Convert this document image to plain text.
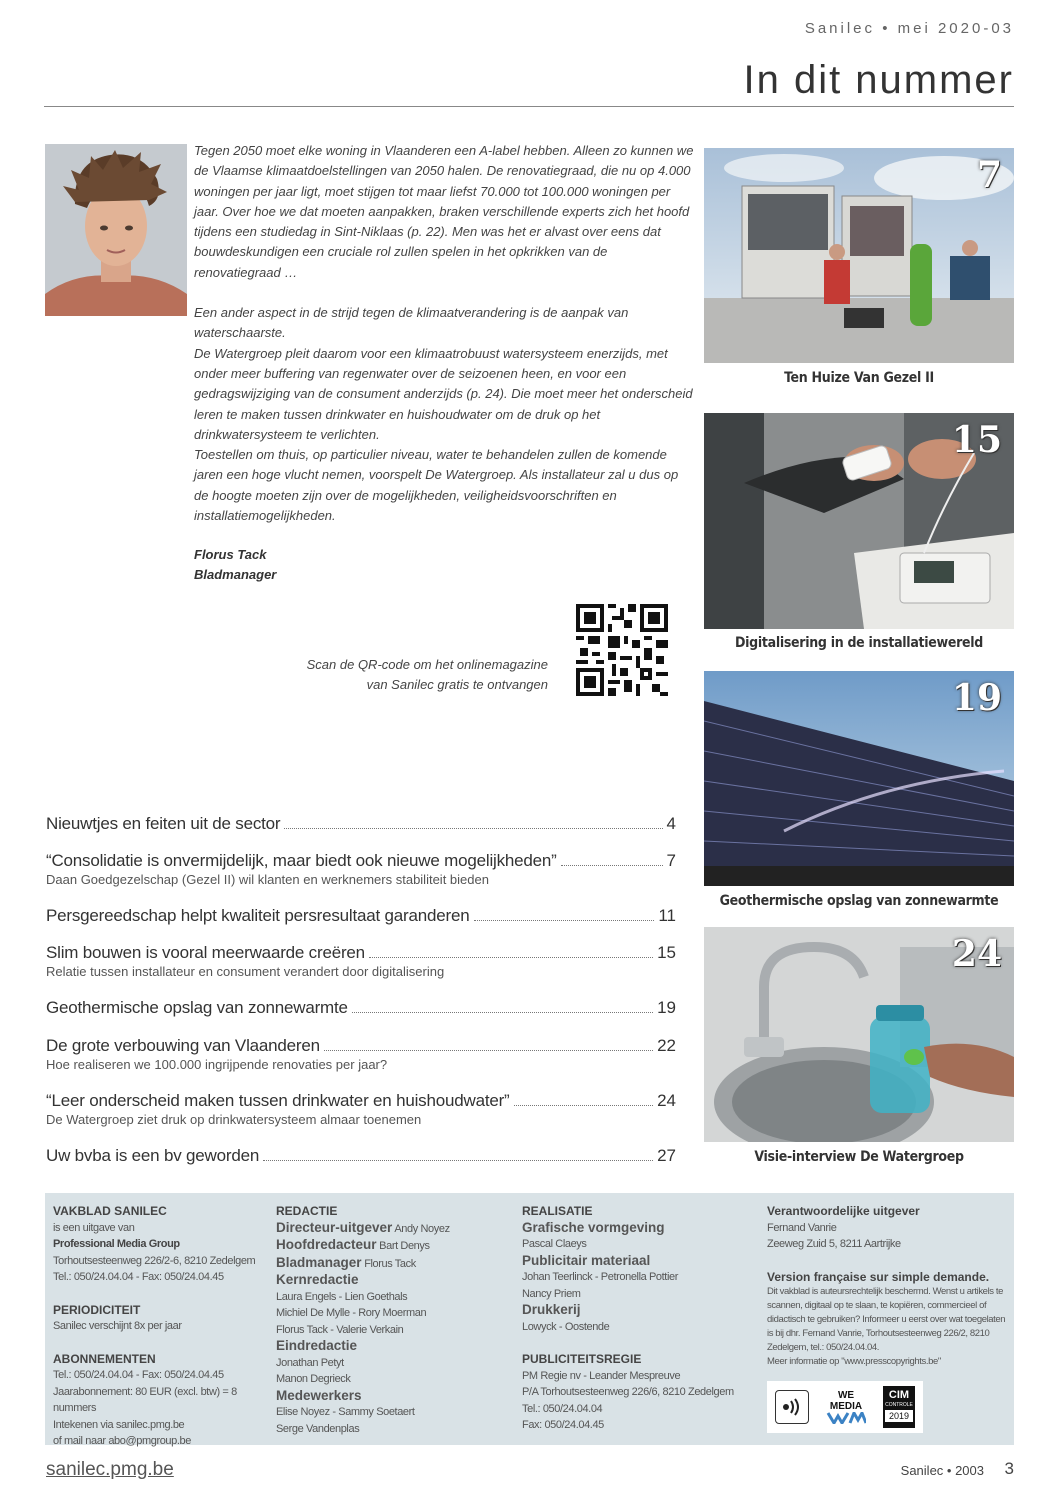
Sanilec • mei 2020-03
In dit nummer

Tegen 2050 moet elke woning in Vlaanderen een A-label hebben. Alleen zo kunnen we de Vlaamse klimaatdoelstellingen van 2050 halen. De renovatiegraad, die nu op 4.000 woningen per jaar ligt, moet stijgen tot maar liefst 70.000 tot 100.000 woningen per jaar. Over hoe we dat moeten aanpakken, braken verschillende experts zich het hoofd tijdens een studiedag in Sint-Niklaas (p. 22). Men was het er alvast over eens dat bouwdeskundigen een cruciale rol zullen spelen in het opkrikken van de renovatiegraad …

Een ander aspect in de strijd tegen de klimaatverandering is de aanpak van waterschaarste.

De Watergroep pleit daarom voor een klimaatrobuust watersysteem enerzijds, met onder meer buffering van regenwater over de seizoenen heen, en voor een gedragswijziging van de consument anderzijds (p. 24). Die moet meer het onderscheid leren te maken tussen drinkwater en huishoudwater om de druk op het drinkwatersysteem te verlichten.

Toestellen om thuis, op particulier niveau, water te behandelen zullen de komende jaren een hoge vlucht nemen, voorspelt De Watergroep. Als installateur zal u dus op de hoogte moeten zijn over de mogelijkheden, veiligheidsvoorschriften en installatiemogelijkheden.

Florus Tack
Bladmanager
Scan de QR-code om het onlinemagazine
van Sanilec gratis te ontvangen
7
Ten Huize Van Gezel II
15
Digitalisering in de installatiewereld
19
Geothermische opslag van zonnewarmte
24
Visie-interview De Watergroep
Nieuwtjes en feiten uit de sector	4
“Consolidatie is onvermijdelijk, maar biedt ook nieuwe mogelijkheden”	7
Daan Goedgezelschap (Gezel II) wil klanten en werknemers stabiliteit bieden
Persgereedschap helpt kwaliteit persresultaat garanderen	11
Slim bouwen is vooral meerwaarde creëren	15
Relatie tussen installateur en consument verandert door digitalisering
Geothermische opslag van zonnewarmte	19
De grote verbouwing van Vlaanderen	22
Hoe realiseren we 100.000 ingrijpende renovaties per jaar?
“Leer onderscheid maken tussen drinkwater en huishoudwater”	24
De Watergroep ziet druk op drinkwatersysteem almaar toenemen
Uw bvba is een bv geworden	27
VAKBLAD SANILEC
is een uitgave van
Professional Media Group
Torhoutsesteenweg 226/2-6, 8210 Zedelgem
Tel.: 050/24.04.04 - Fax: 050/24.04.45
PERIODICITEIT
Sanilec verschijnt 8x per jaar
ABONNEMENTEN
Tel.: 050/24.04.04 - Fax: 050/24.04.45
Jaarabonnement: 80 EUR (excl. btw) = 8 nummers
Intekenen via sanilec.pmg.be
of mail naar abo@pmgroup.be
REDACTIE
Directeur-uitgever Andy Noyez
Hoofdredacteur Bart Denys
Bladmanager Florus Tack
Kernredactie
Laura Engels - Lien Goethals
Michiel De Mylle - Rory Moerman
Florus Tack - Valerie Verkain
Eindredactie
Jonathan Petyt
Manon Degrieck
Medewerkers
Elise Noyez - Sammy Soetaert
Serge Vandenplas
REALISATIE
Grafische vormgeving
Pascal Claeys
Publicitair materiaal
Johan Teerlinck - Petronella Pottier
Nancy Priem
Drukkerij
Lowyck - Oostende
PUBLICITEITSREGIE
PM Regie nv - Leander Mespreuve
P/A Torhoutsesteenweg 226/6, 8210 Zedelgem
Tel.: 050/24.04.04
Fax: 050/24.04.45
Verantwoordelijke uitgever
Fernand Vanrie
Zeeweg Zuid 5, 8211 Aartrijke
Version française sur simple demande.
Dit vakblad is auteursrechtelijk beschermd. Wenst u artikels te scannen, digitaal op te slaan, te kopiëren, commercieel of didactisch te gebruiken? Informeer u eerst over wat toegelaten is bij dhr. Fernand Vanrie, Torhoutsesteenweg 226/2, 8210 Zedelgem, tel.: 050/24.04.04.
Meer informatie op "www.presscopyrights.be"
WE
MEDIA
CIM
CONTROLE
2019
sanilec.pmg.be	Sanilec • 2003 3
